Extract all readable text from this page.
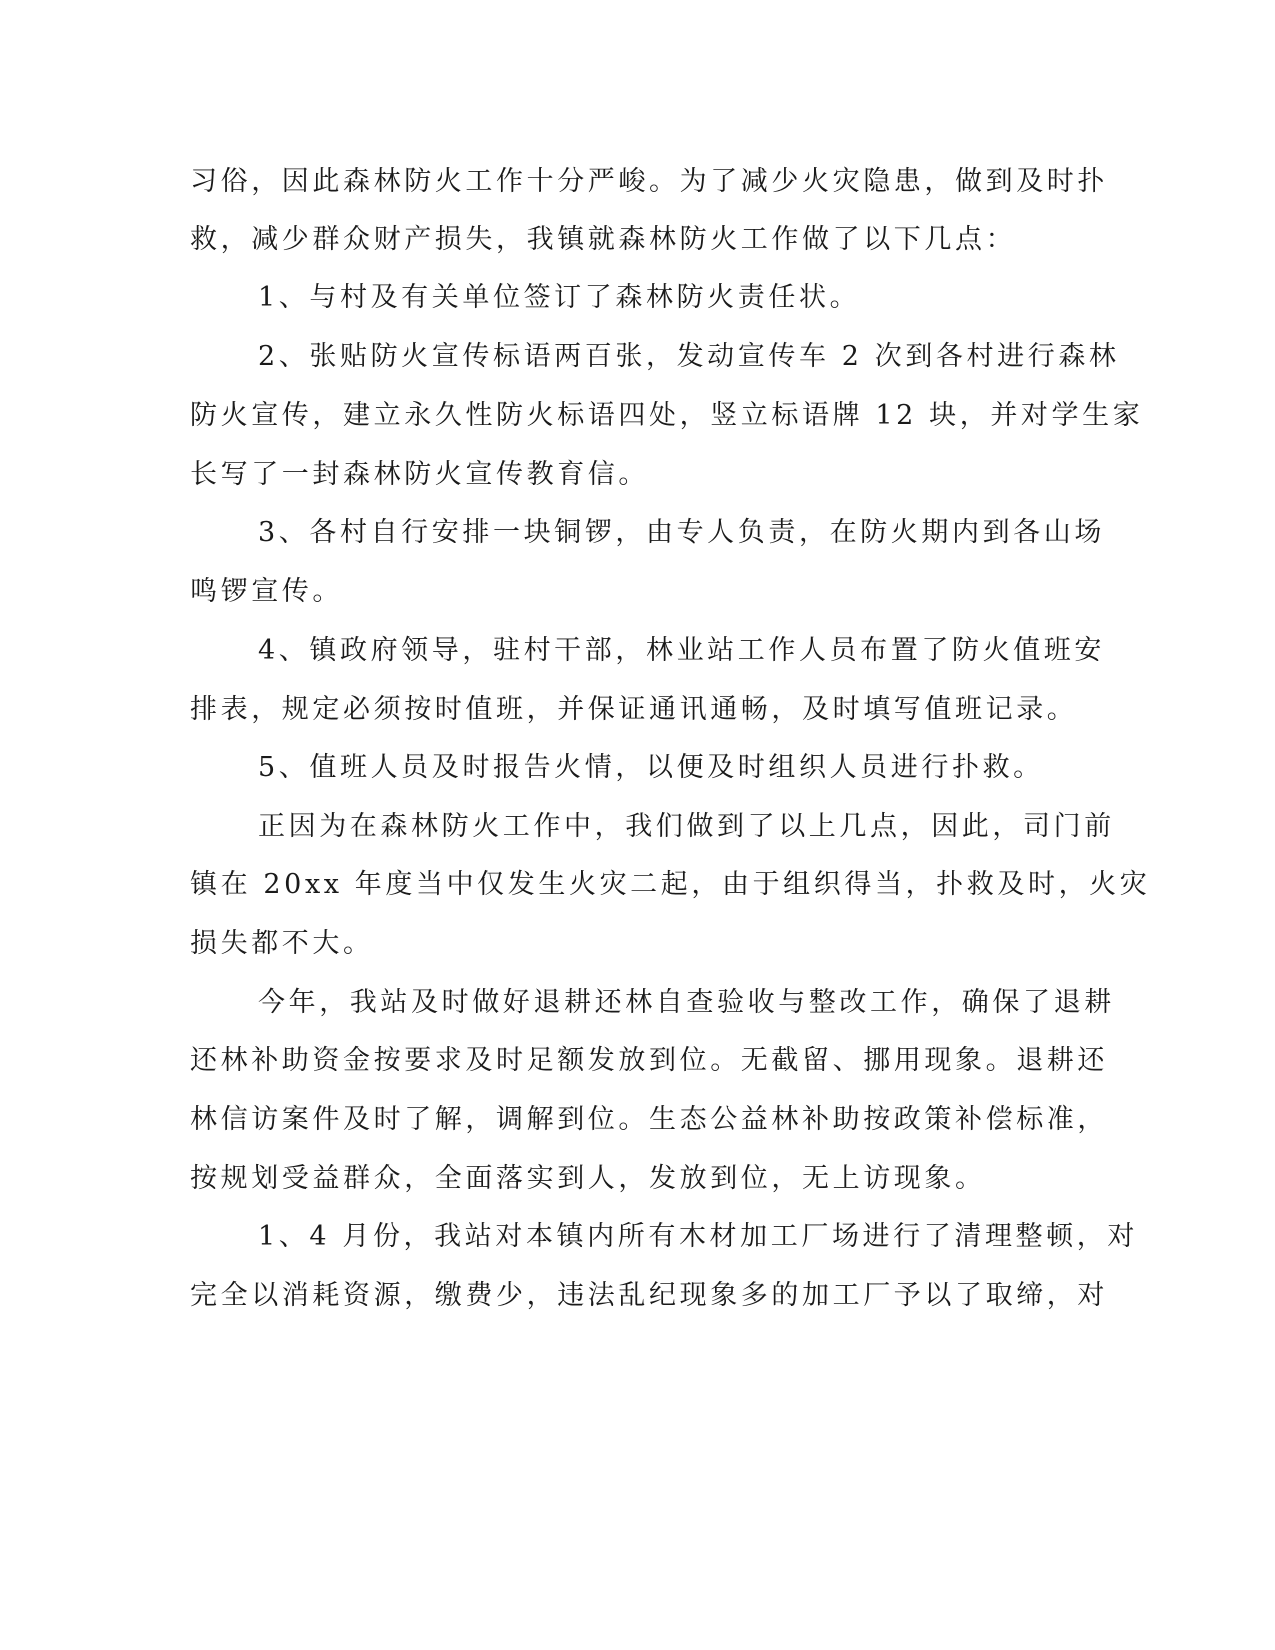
习俗，因此森林防火工作十分严峻。为了减少火灾隐患，做到及时扑
救，减少群众财产损失，我镇就森林防火工作做了以下几点：
1、与村及有关单位签订了森林防火责任状。
2、张贴防火宣传标语两百张，发动宣传车 2 次到各村进行森林
防火宣传，建立永久性防火标语四处，竖立标语牌 12 块，并对学生家
长写了一封森林防火宣传教育信。
3、各村自行安排一块铜锣，由专人负责，在防火期内到各山场
鸣锣宣传。
4、镇政府领导，驻村干部，林业站工作人员布置了防火值班安
排表，规定必须按时值班，并保证通讯通畅，及时填写值班记录。
5、值班人员及时报告火情，以便及时组织人员进行扑救。
正因为在森林防火工作中，我们做到了以上几点，因此，司门前
镇在 20xx 年度当中仅发生火灾二起，由于组织得当，扑救及时，火灾
损失都不大。
今年，我站及时做好退耕还林自查验收与整改工作，确保了退耕
还林补助资金按要求及时足额发放到位。无截留、挪用现象。退耕还
林信访案件及时了解，调解到位。生态公益林补助按政策补偿标准，
按规划受益群众，全面落实到人，发放到位，无上访现象。
1、4 月份，我站对本镇内所有木材加工厂场进行了清理整顿，对
完全以消耗资源，缴费少，违法乱纪现象多的加工厂予以了取缔，对
